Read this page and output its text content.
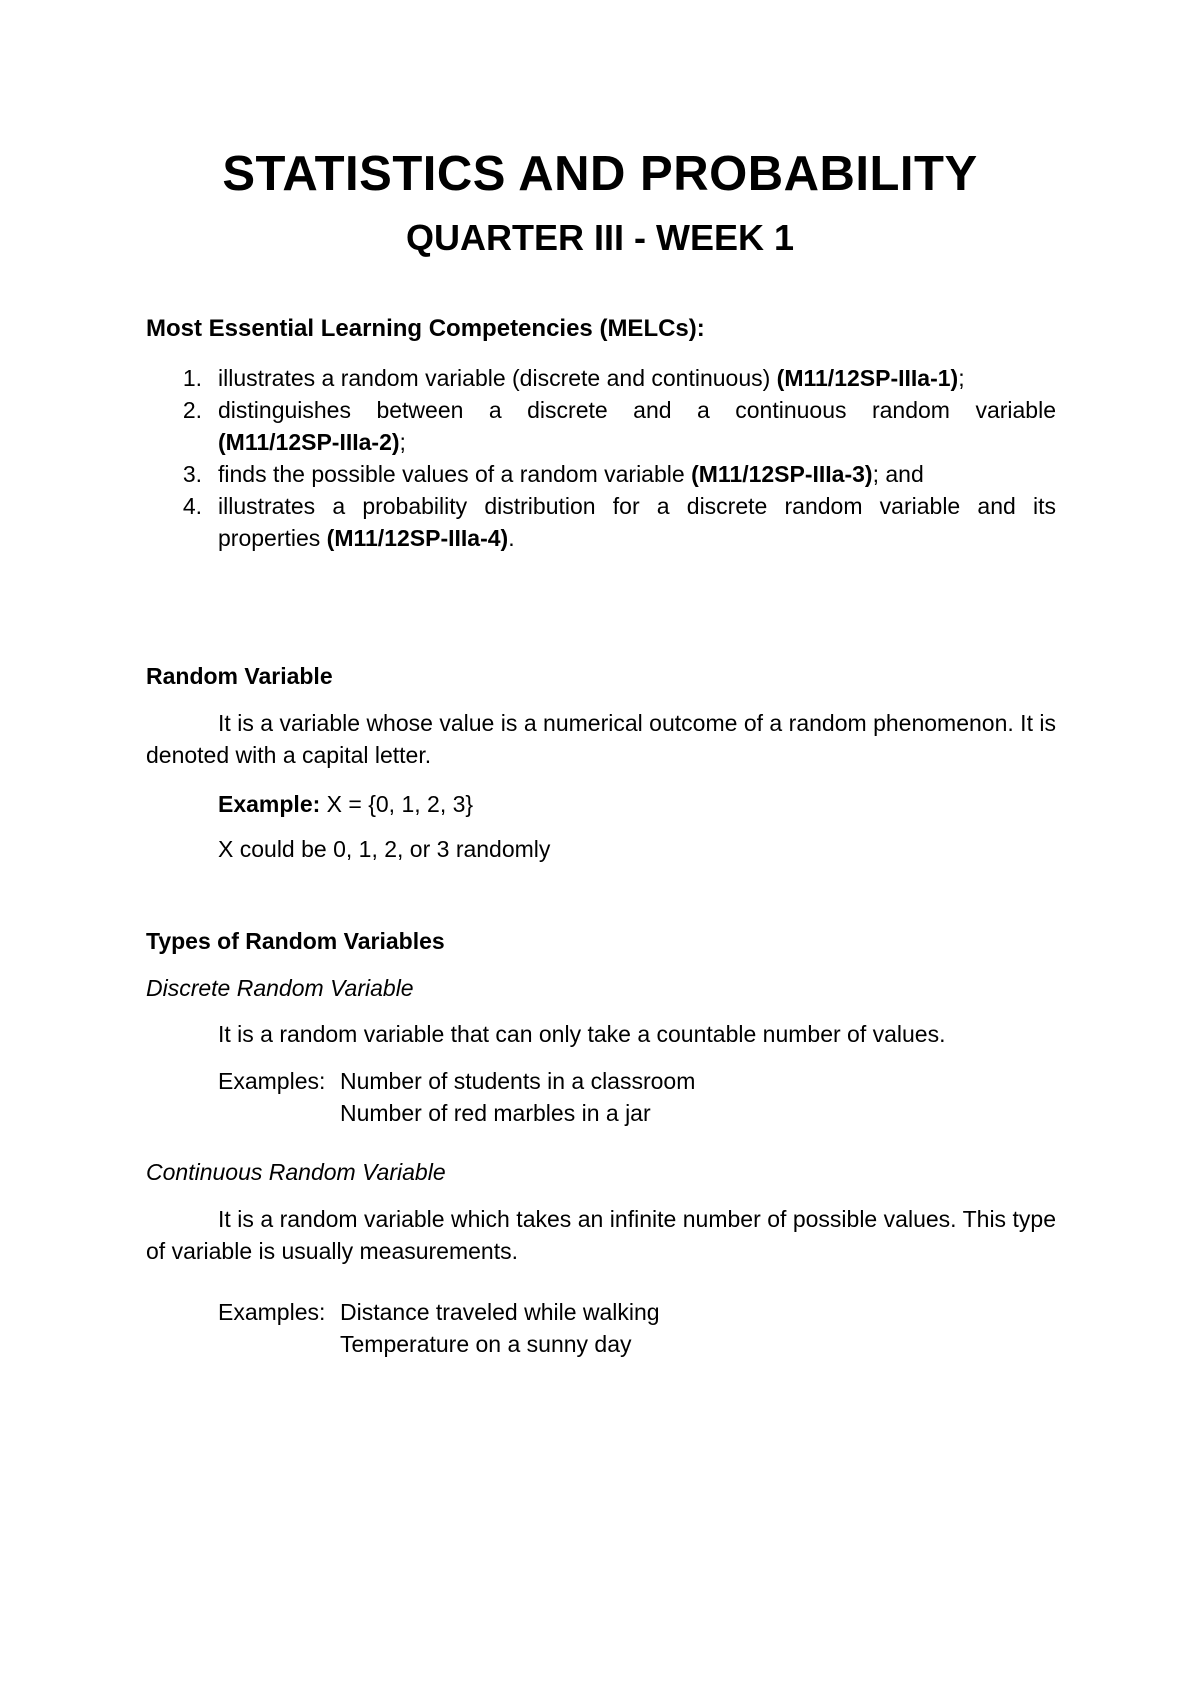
STATISTICS AND PROBABILITY
QUARTER III - WEEK 1
Most Essential Learning Competencies (MELCs):
1. illustrates a random variable (discrete and continuous) (M11/12SP-IIIa-1);
2. distinguishes between a discrete and a continuous random variable
(M11/12SP-IIIa-2);
3. finds the possible values of a random variable (M11/12SP-IIIa-3); and
4. illustrates a probability distribution for a discrete random variable and its
properties (M11/12SP-IIIa-4).
Random Variable
It is a variable whose value is a numerical outcome of a random phenomenon. It is denoted with a capital letter.
Example: X = {0, 1, 2, 3}
X could be 0, 1, 2, or 3 randomly
Types of Random Variables
Discrete Random Variable
It is a random variable that can only take a countable number of values.
Examples: Number of students in a classroom
Number of red marbles in a jar
Continuous Random Variable
It is a random variable which takes an infinite number of possible values. This type of variable is usually measurements.
Examples: Distance traveled while walking
Temperature on a sunny day
